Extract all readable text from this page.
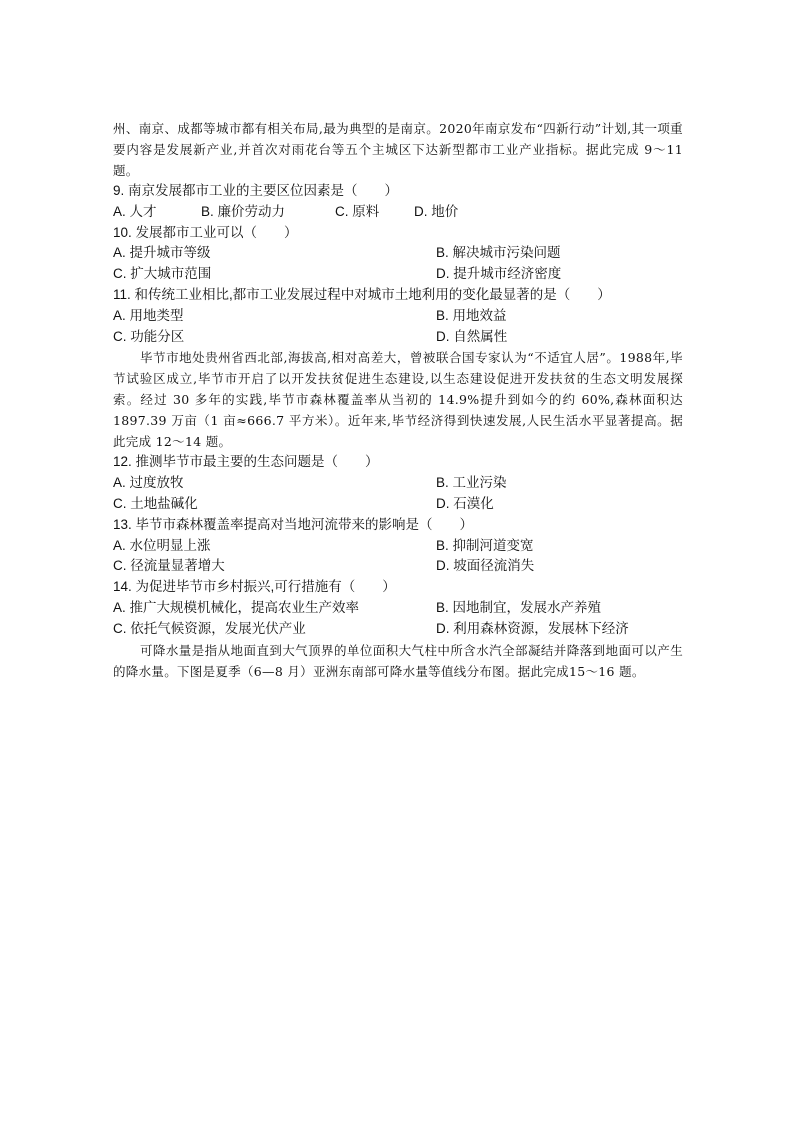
州、南京、成都等城市都有相关布局,最为典型的是南京。2020年南京发布“四新行动”计划,其一项重要内容是发展新产业,并首次对雨花台等五个主城区下达新型都市工业产业指标。据此完成 9～11 题。

9. 南京发展都市工业的主要区位因素是（　　）

A. 人才	B. 廉价劳动力	C. 原料	D. 地价

10. 发展都市工业可以（　　）

A. 提升城市等级	B. 解决城市污染问题
C. 扩大城市范围	D. 提升城市经济密度

11. 和传统工业相比,都市工业发展过程中对城市土地利用的变化最显著的是（　　）

A. 用地类型	B. 用地效益
C. 功能分区	D. 自然属性

毕节市地处贵州省西北部,海拔高,相对高差大，曾被联合国专家认为“不适宜人居”。1988年,毕节试验区成立,毕节市开启了以开发扶贫促进生态建设,以生态建设促进开发扶贫的生态文明发展探索。经过 30 多年的实践,毕节市森林覆盖率从当初的 14.9%提升到如今的约 60%,森林面积达 1897.39 万亩（1 亩≈666.7 平方米）。近年来,毕节经济得到快速发展,人民生活水平显著提高。据此完成 12～14 题。

12. 推测毕节市最主要的生态问题是（　　）

A. 过度放牧	B. 工业污染
C. 土地盐碱化	D. 石漠化

13. 毕节市森林覆盖率提高对当地河流带来的影响是（　　）

A. 水位明显上涨	B. 抑制河道变宽
C. 径流量显著增大	D. 坡面径流消失

14. 为促进毕节市乡村振兴,可行措施有（　　）

A. 推广大规模机械化，提高农业生产效率	B. 因地制宜，发展水产养殖
C. 依托气候资源，发展光伏产业	D. 利用森林资源，发展林下经济

可降水量是指从地面直到大气顶界的单位面积大气柱中所含水汽全部凝结并降落到地面可以产生的降水量。下图是夏季（6—8 月）亚洲东南部可降水量等值线分布图。据此完成15～16 题。
